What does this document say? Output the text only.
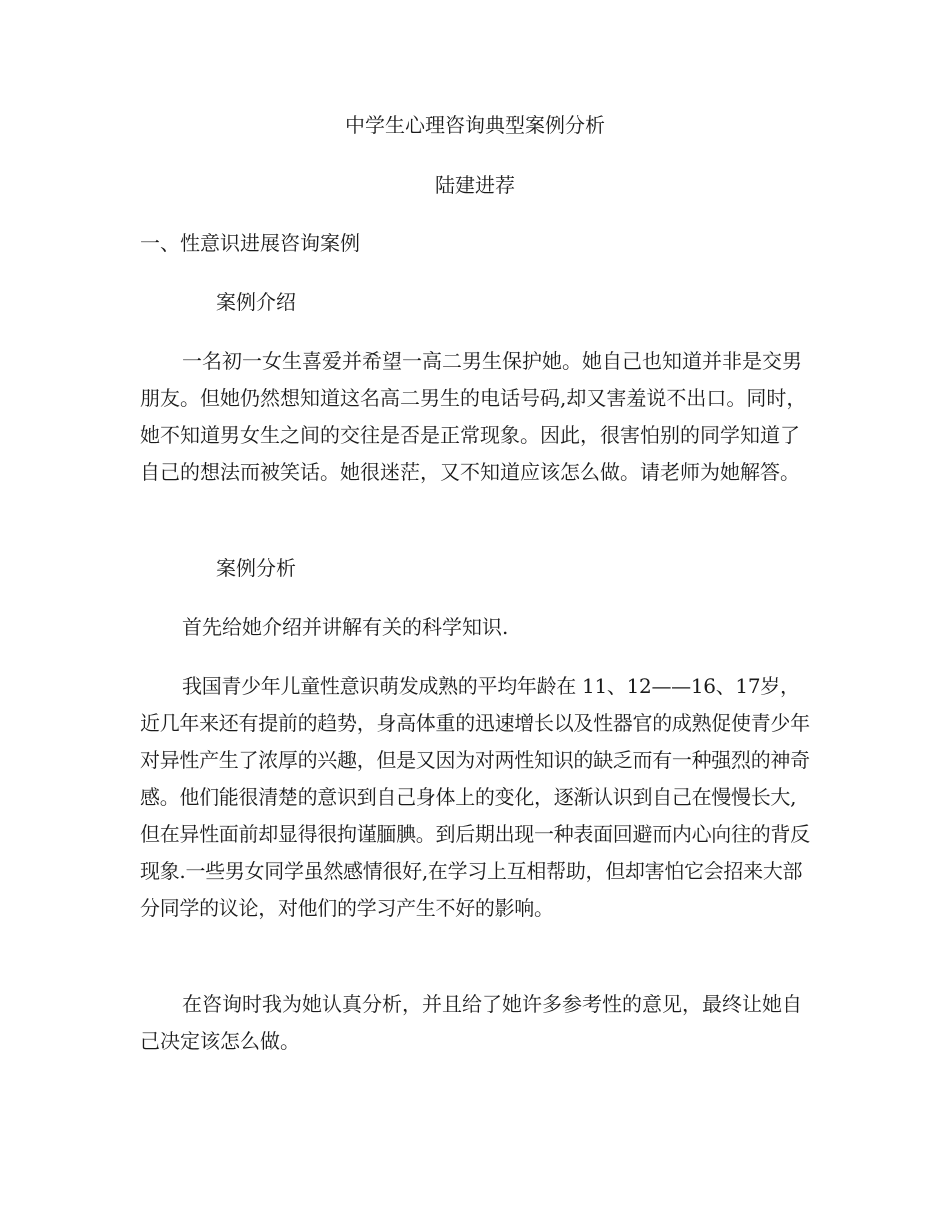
中学生心理咨询典型案例分析

陆建进荐

一、性意识进展咨询案例
案例介绍

一名初一女生喜爱并希望一高二男生保护她。她自己也知道并非是交男朋友。但她仍然想知道这名高二男生的电话号码,却又害羞说不出口。同时，她不知道男女生之间的交往是否是正常现象。因此，很害怕别的同学知道了自己的想法而被笑话。她很迷茫，又不知道应该怎么做。请老师为她解答。

案例分析

首先给她介绍并讲解有关的科学知识.

我国青少年儿童性意识萌发成熟的平均年龄在 11、12——16、17岁，近几年来还有提前的趋势，身高体重的迅速增长以及性器官的成熟促使青少年对异性产生了浓厚的兴趣，但是又因为对两性知识的缺乏而有一种强烈的神奇感。他们能很清楚的意识到自己身体上的变化，逐渐认识到自己在慢慢长大,但在异性面前却显得很拘谨腼腆。到后期出现一种表面回避而内心向往的背反现象.一些男女同学虽然感情很好,在学习上互相帮助，但却害怕它会招来大部分同学的议论，对他们的学习产生不好的影响。

在咨询时我为她认真分析，并且给了她许多参考性的意见，最终让她自己决定该怎么做。
